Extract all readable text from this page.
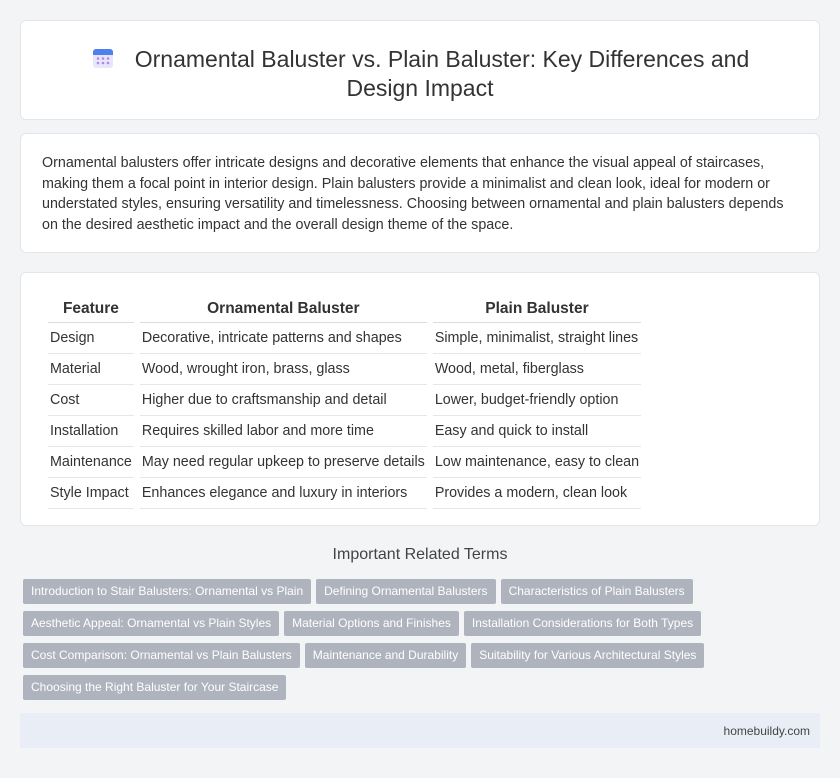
Ornamental Baluster vs. Plain Baluster: Key Differences and Design Impact

Ornamental balusters offer intricate designs and decorative elements that enhance the visual appeal of staircases, making them a focal point in interior design. Plain balusters provide a minimalist and clean look, ideal for modern or understated styles, ensuring versatility and timelessness. Choosing between ornamental and plain balusters depends on the desired aesthetic impact and the overall design theme of the space.

Feature	Ornamental Baluster	Plain Baluster
Design	Decorative, intricate patterns and shapes	Simple, minimalist, straight lines
Material	Wood, wrought iron, brass, glass	Wood, metal, fiberglass
Cost	Higher due to craftsmanship and detail	Lower, budget-friendly option
Installation	Requires skilled labor and more time	Easy and quick to install
Maintenance	May need regular upkeep to preserve details	Low maintenance, easy to clean
Style Impact	Enhances elegance and luxury in interiors	Provides a modern, clean look
Important Related Terms
Introduction to Stair Balusters: Ornamental vs Plain Defining Ornamental Balusters Characteristics of Plain Balusters
Aesthetic Appeal: Ornamental vs Plain Styles Material Options and Finishes Installation Considerations for Both Types
Cost Comparison: Ornamental vs Plain Balusters Maintenance and Durability Suitability for Various Architectural Styles
Choosing the Right Baluster for Your Staircase
homebuildy.com
